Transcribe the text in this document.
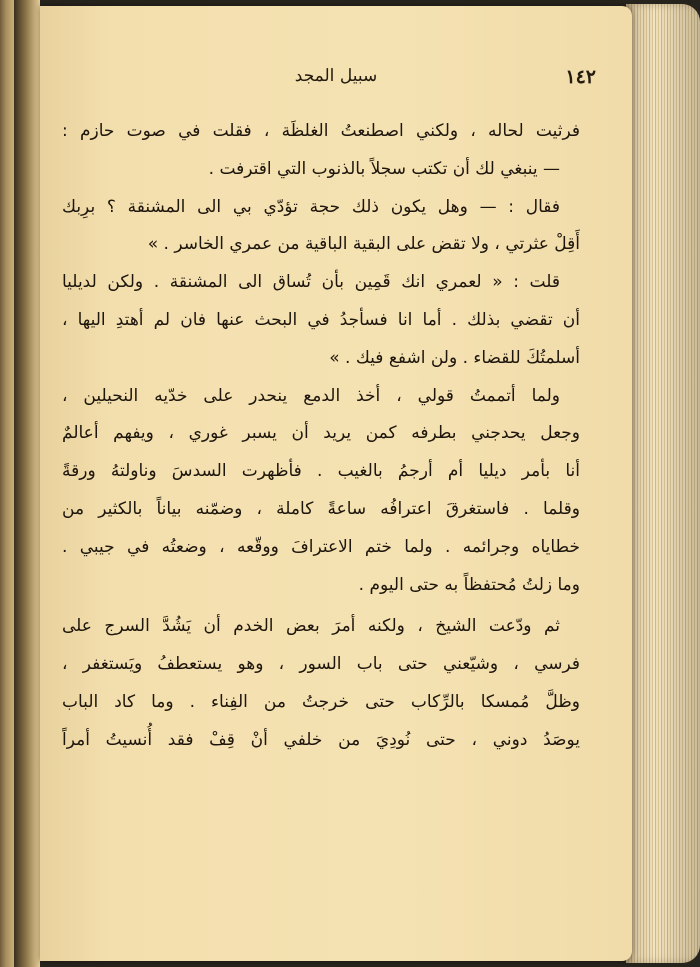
١٤٢
سبيل المجد
فرثيت لحاله ، ولكني اصطنعتُ الغلظَة ، فقلت في صوت حازم :
— ينبغي لك أن تكتب سجلاً بالذنوب التي اقترفت .
فقال : — وهل يكون ذلك حجة تؤدّي بي الى المشنقة ؟ برِبك
أَقِلْ عثرتي ، ولا تقض على البقية الباقية من عمري الخاسر . »
قلت : « لعمري انك قَمِين بأن تُساق الى المشنقة . ولكن لديليا
أن تقضي بذلك . أما انا فسأجدُ في البحث عنها فان لم أهتدِ اليها ،
أسلمتُكَ للقضاء . ولن اشفع فيك . »
ولما أتممتُ قولي ، أخذ الدمع ينحدر على خدّيه النحيلين ،
وجعل يحدجني بطرفه كمن يريد أن يسبر غوري ، ويفهم أعالمٌ
أنا بأمر ديليا أم أرجمُ بالغيب . فأظهرت السدسَ وناولتهُ ورقةً
وقلما . فاستغرقَ اعترافُه ساعةً كاملة ، وضمّنه بياناً بالكثير من
خطاياه وجرائمه . ولما ختم الاعترافَ ووقّعه ، وضعتُه في جيبي .
وما زلتُ مُحتفظاً به حتى اليوم .
ثم ودّعت الشيخ ، ولكنه أمرَ بعض الخدم أن يَشُدَّ السرج على
فرسي ، وشيّعني حتى باب السور ، وهو يستعطفُ ويَستغفر ،
وظلَّ مُمسكا بالرِّكاب حتى خرجتُ من الفِناء . وما كاد الباب
يوصَدُ دوني ، حتى نُودِيَ من خلفي أنْ قِفْ فقد أُنسيتُ أمراً
